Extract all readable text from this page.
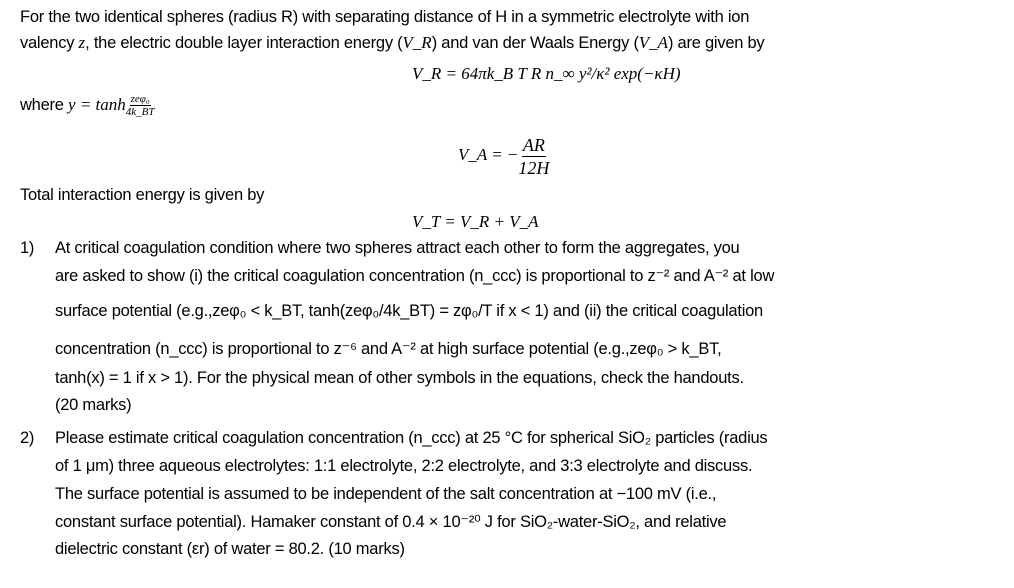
For the two identical spheres (radius R) with separating distance of H in a symmetric electrolyte with ion
valency z, the electric double layer interaction energy (V_R) and van der Waals Energy (V_A) are given by
V_R = 64πk_B T R n_∞ y²/κ² exp(−κH)
where $y = \tanh \frac{\text{zeφ₀}}{4k\_BT}$
V_A = − $\frac{AR}{12H}$
Total interaction energy is given by
V_T = V_R + V_A
1) At critical coagulation condition where two spheres attract each other to form the aggregates, you
are asked to show (i) the critical coagulation concentration (n_ccc) is proportional to z⁻² and A⁻² at low
surface potential (e.g.,zeφ₀ < k_BT, tanh(zeφ₀/4k_BT) = zφ₀/T if x < 1) and (ii) the critical coagulation
concentration (n_ccc) is proportional to z⁻⁶ and A⁻² at high surface potential (e.g.,zeφ₀ > k_BT,
tanh(x) = 1 if x > 1). For the physical mean of other symbols in the equations, check the handouts.
(20 marks)
2) Please estimate critical coagulation concentration (n_ccc) at 25 °C for spherical SiO₂ particles (radius
of 1 μm) three aqueous electrolytes: 1:1 electrolyte, 2:2 electrolyte, and 3:3 electrolyte and discuss.
The surface potential is assumed to be independent of the salt concentration at −100 mV (i.e.,
constant surface potential). Hamaker constant of 0.4 × 10⁻²⁰ J for SiO₂-water-SiO₂, and relative
dielectric constant (εr) of water = 80.2. (10 marks)
